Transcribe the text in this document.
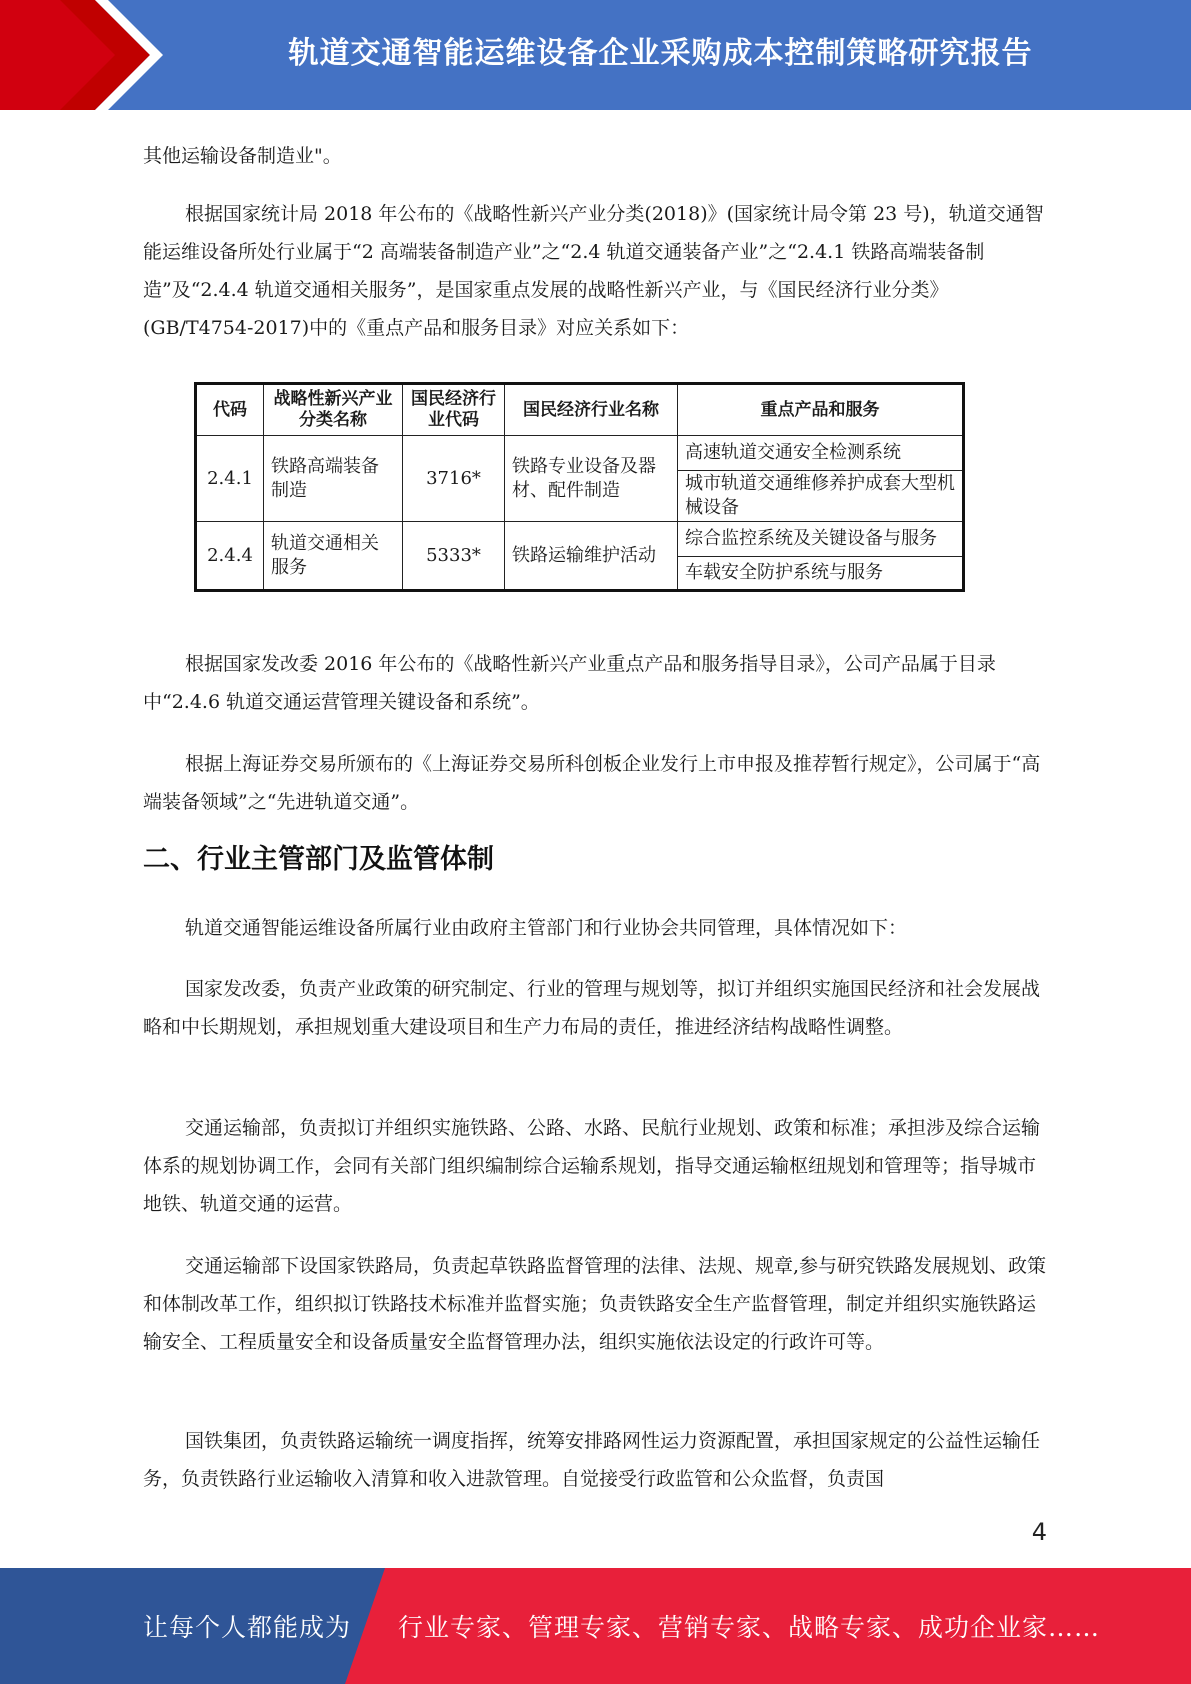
轨道交通智能运维设备企业采购成本控制策略研究报告

其他运输设备制造业"。

根据国家统计局 2018 年公布的《战略性新兴产业分类(2018)》(国家统计局令第 23 号)，轨道交通智能运维设备所处行业属于“2 高端装备制造产业”之“2.4 轨道交通装备产业”之“2.4.1 铁路高端装备制造”及“2.4.4 轨道交通相关服务”，是国家重点发展的战略性新兴产业，与《国民经济行业分类》(GB/T4754-2017)中的《重点产品和服务目录》对应关系如下：

根据国家发改委 2016 年公布的《战略性新兴产业重点产品和服务指导目录》，公司产品属于目录中“2.4.6 轨道交通运营管理关键设备和系统”。

根据上海证券交易所颁布的《上海证券交易所科创板企业发行上市申报及推荐暂行规定》，公司属于“高端装备领域”之“先进轨道交通”。

二、行业主管部门及监管体制

轨道交通智能运维设备所属行业由政府主管部门和行业协会共同管理，具体情况如下：

国家发改委，负责产业政策的研究制定、行业的管理与规划等，拟订并组织实施国民经济和社会发展战略和中长期规划，承担规划重大建设项目和生产力布局的责任，推进经济结构战略性调整。

交通运输部，负责拟订并组织实施铁路、公路、水路、民航行业规划、政策和标准；承担涉及综合运输体系的规划协调工作，会同有关部门组织编制综合运输系规划，指导交通运输枢纽规划和管理等；指导城市地铁、轨道交通的运营。

交通运输部下设国家铁路局，负责起草铁路监督管理的法律、法规、规章,参与研究铁路发展规划、政策和体制改革工作，组织拟订铁路技术标准并监督实施；负责铁路安全生产监督管理，制定并组织实施铁路运输安全、工程质量安全和设备质量安全监督管理办法，组织实施依法设定的行政许可等。

国铁集团，负责铁路运输统一调度指挥，统筹安排路网性运力资源配置，承担国家规定的公益性运输任务，负责铁路行业运输收入清算和收入进款管理。自觉接受行政监管和公众监督，负责国

代码	战略性新兴产业分类名称	国民经济行业代码	国民经济行业名称	重点产品和服务
2.4.1	铁路高端装备制造	3716*	铁路专业设备及器材、配件制造	高速轨道交通安全检测系统
				城市轨道交通维修养护成套大型机械设备
2.4.4	轨道交通相关服务	5333*	铁路运输维护活动	综合监控系统及关键设备与服务
				车载安全防护系统与服务
4
让每个人都能成为 行业专家、管理专家、营销专家、战略专家、成功企业家……
